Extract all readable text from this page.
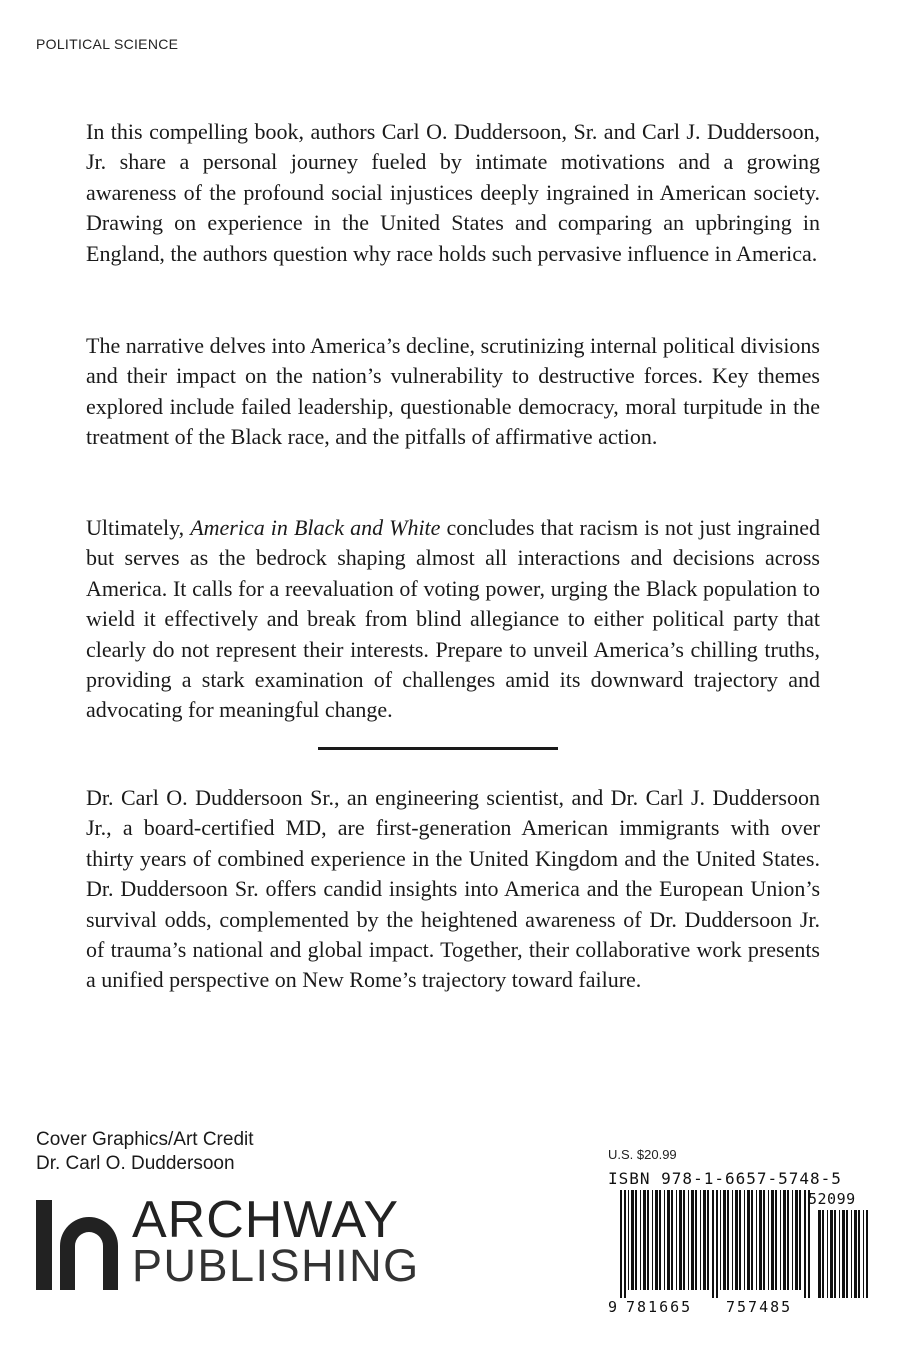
POLITICAL SCIENCE

In this compelling book, authors Carl O. Duddersoon, Sr. and Carl J. Duddersoon, Jr. share a personal journey fueled by intimate motivations and a growing awareness of the profound social injustices deeply ingrained in American society. Drawing on experience in the United States and comparing an upbringing in England, the authors question why race holds such pervasive influence in America.

The narrative delves into America’s decline, scrutinizing internal political divisions and their impact on the nation’s vulnerability to destructive forces. Key themes explored include failed leadership, questionable democracy, moral turpitude in the treatment of the Black race, and the pitfalls of affirmative action.

Ultimately, America in Black and White concludes that racism is not just ingrained but serves as the bedrock shaping almost all interactions and decisions across America. It calls for a reevaluation of voting power, urging the Black population to wield it effectively and break from blind allegiance to either political party that clearly do not represent their interests. Prepare to unveil America’s chilling truths, providing a stark examination of challenges amid its downward trajectory and advocating for meaningful change.

Dr. Carl O. Duddersoon Sr., an engineering scientist, and Dr. Carl J. Duddersoon Jr., a board-certified MD, are first-generation American immigrants with over thirty years of combined experience in the United Kingdom and the United States. Dr. Duddersoon Sr. offers candid insights into America and the European Union’s survival odds, complemented by the heightened awareness of Dr. Duddersoon Jr. of trauma’s national and global impact. Together, their collaborative work presents a unified perspective on New Rome’s trajectory toward failure.

Cover Graphics/Art Credit
Dr. Carl O. Duddersoon
ARCHWAY
PUBLISHING
U.S. $20.99
ISBN 978-1-6657-5748-5
52099
9 781665 757485
